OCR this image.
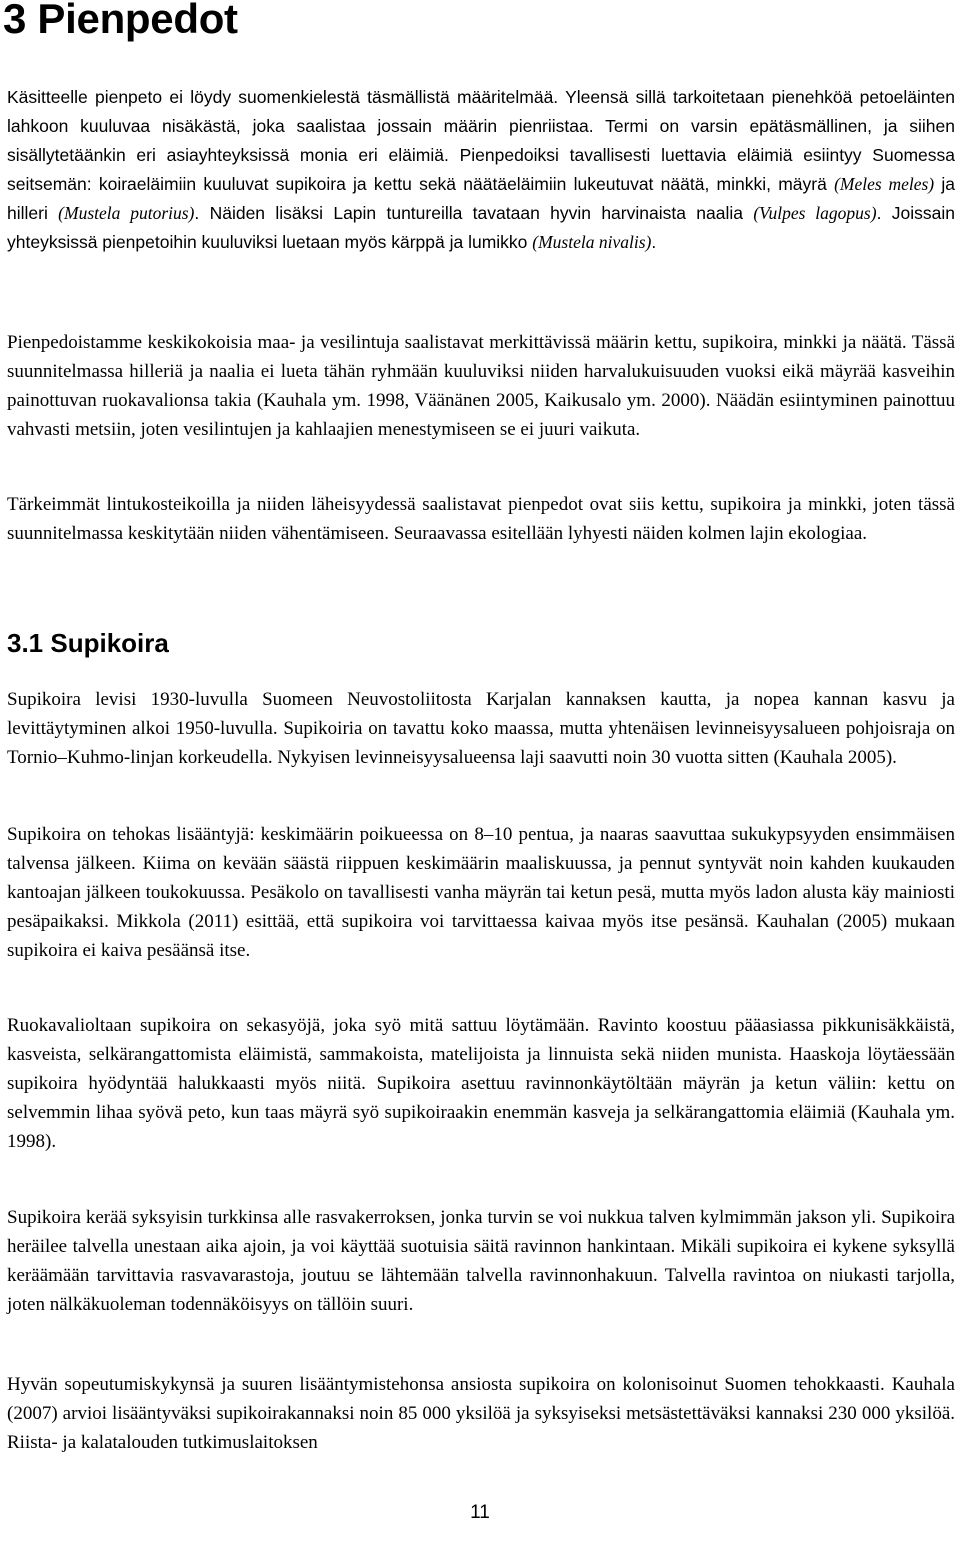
3 Pienpedot

Käsitteelle pienpeto ei löydy suomenkielestä täsmällistä määritelmää. Yleensä sillä tarkoitetaan pienehköä petoeläinten lahkoon kuuluvaa nisäkästä, joka saalistaa jossain määrin pienriistaa. Termi on varsin epätäsmällinen, ja siihen sisällytetäänkin eri asiayhteyksissä monia eri eläimiä. Pienpedoiksi tavallisesti luettavia eläimiä esiintyy Suomessa seitsemän: koiraeläimiin kuuluvat supikoira ja kettu sekä näätäeläimiin lukeutuvat näätä, minkki, mäyrä (Meles meles) ja hilleri (Mustela putorius). Näiden lisäksi Lapin tuntureilla tavataan hyvin harvinaista naalia (Vulpes lagopus). Joissain yhteyksissä pienpetoihin kuuluviksi luetaan myös kärppä ja lumikko (Mustela nivalis).

Pienpedoistamme keskikokoisia maa- ja vesilintuja saalistavat merkittävissä määrin kettu, supikoira, minkki ja näätä. Tässä suunnitelmassa hilleriä ja naalia ei lueta tähän ryhmään kuuluviksi niiden harvalukuisuuden vuoksi eikä mäyrää kasveihin painottuvan ruokavalionsa takia (Kauhala ym. 1998, Väänänen 2005, Kaikusalo ym. 2000). Näädän esiintyminen painottuu vahvasti metsiin, joten vesilintujen ja kahlaajien menestymiseen se ei juuri vaikuta.

Tärkeimmät lintukosteikoilla ja niiden läheisyydessä saalistavat pienpedot ovat siis kettu, supikoira ja minkki, joten tässä suunnitelmassa keskitytään niiden vähentämiseen. Seuraavassa esitellään lyhyesti näiden kolmen lajin ekologiaa.

3.1 Supikoira

Supikoira levisi 1930-luvulla Suomeen Neuvostoliitosta Karjalan kannaksen kautta, ja nopea kannan kasvu ja levittäytyminen alkoi 1950-luvulla. Supikoiria on tavattu koko maassa, mutta yhtenäisen levinneisyysalueen pohjoisraja on Tornio–Kuhmo-linjan korkeudella. Nykyisen levinneisyysalueensa laji saavutti noin 30 vuotta sitten (Kauhala 2005).

Supikoira on tehokas lisääntyjä: keskimäärin poikueessa on 8–10 pentua, ja naaras saavuttaa sukukypsyyden ensimmäisen talvensa jälkeen. Kiima on kevään säästä riippuen keskimäärin maaliskuussa, ja pennut syntyvät noin kahden kuukauden kantoajan jälkeen toukokuussa. Pesäkolo on tavallisesti vanha mäyrän tai ketun pesä, mutta myös ladon alusta käy mainiosti pesäpaikaksi. Mikkola (2011) esittää, että supikoira voi tarvittaessa kaivaa myös itse pesänsä. Kauhalan (2005) mukaan supikoira ei kaiva pesäänsä itse.

Ruokavalioltaan supikoira on sekasyöjä, joka syö mitä sattuu löytämään. Ravinto koostuu pääasiassa pikkunisäkkäistä, kasveista, selkärangattomista eläimistä, sammakoista, matelijoista ja linnuista sekä niiden munista. Haaskoja löytäessään supikoira hyödyntää halukkaasti myös niitä. Supikoira asettuu ravinnonkäytöltään mäyrän ja ketun väliin: kettu on selvemmin lihaa syövä peto, kun taas mäyrä syö supikoiraakin enemmän kasveja ja selkärangattomia eläimiä (Kauhala ym. 1998).

Supikoira kerää syksyisin turkkinsa alle rasvakerroksen, jonka turvin se voi nukkua talven kylmimmän jakson yli. Supikoira heräilee talvella unestaan aika ajoin, ja voi käyttää suotuisia säitä ravinnon hankintaan. Mikäli supikoira ei kykene syksyllä keräämään tarvittavia rasvavarastoja, joutuu se lähtemään talvella ravinnonhakuun. Talvella ravintoa on niukasti tarjolla, joten nälkäkuoleman todennäköisyys on tällöin suuri.

Hyvän sopeutumiskykynsä ja suuren lisääntymistehonsa ansiosta supikoira on kolonisoinut Suomen tehokkaasti. Kauhala (2007) arvioi lisääntyväksi supikoirakannaksi noin 85 000 yksilöä ja syksyiseksi metsästettäväksi kannaksi 230 000 yksilöä. Riista- ja kalatalouden tutkimuslaitoksen

11
